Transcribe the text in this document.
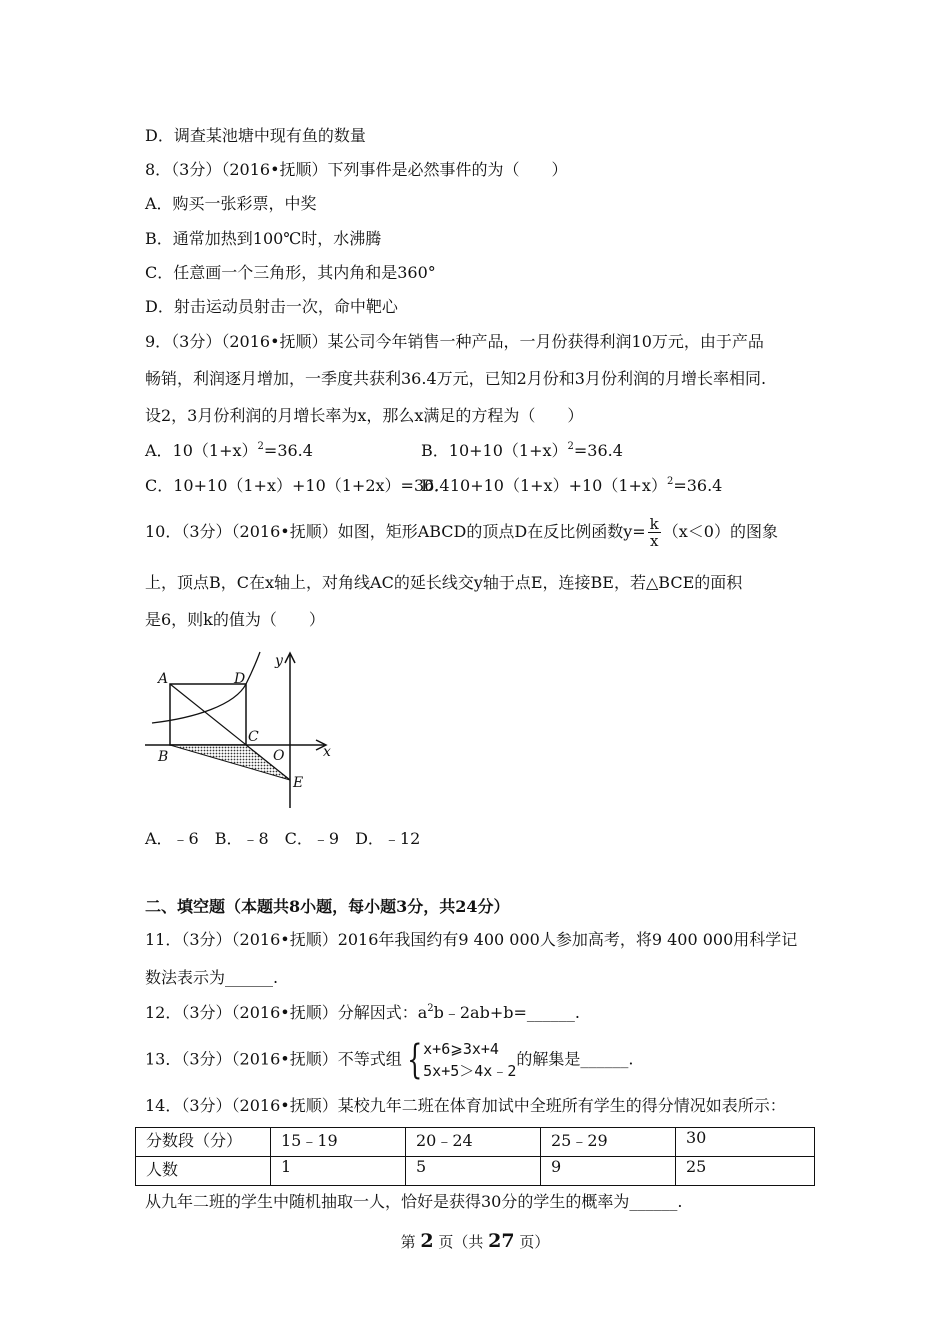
D．调查某池塘中现有鱼的数量
8．（3分）（2016•抚顺）下列事件是必然事件的为（　　）
A．购买一张彩票，中奖
B．通常加热到100℃时，水沸腾
C．任意画一个三角形，其内角和是360°
D．射击运动员射击一次，命中靶心
9．（3分）（2016•抚顺）某公司今年销售一种产品，一月份获得利润10万元，由于产品
畅销，利润逐月增加，一季度共获利36.4万元，已知2月份和3月份利润的月增长率相同.
设2，3月份利润的月增长率为x，那么x满足的方程为（　　）
A．$10(1+x)^2=36.4$	B．$10+10(1+x)^2=36.4$
C．10+10（1+x）+10（1+2x）=36.4
D．$10+10(1+x)+10(1+x)^2=36.4$
10．（3分）（2016•抚顺）如图，矩形ABCD的顶点D在反比例函数$y= \frac{k}{x} (x<0)$的图象
上，顶点B，C在x轴上，对角线AC的延长线交y轴于点E，连接BE，若△BCE的面积
是6，则k的值为（　　）
A	D
C
B	O	x
y
E
A．﹣6　B．﹣8　C．﹣9　D．﹣12
二、填空题（本题共8小题，每小题3分，共24分）
11．（3分）（2016•抚顺）2016年我国约有9 400 000人参加高考，将9 400 000用科学记
数法表示为______.
12．（3分）（2016•抚顺）分解因式：$a^2b﹣2ab+b=\_\_\_\_\_\_$.
13．（3分）（2016•抚顺）不等式组 { x+6⩾3x+4
5x+5＞4x﹣2
的解集是______.
14．（3分）（2016•抚顺）某校九年二班在体育加试中全班所有学生的得分情况如表所示：
分数段（分）	15﹣19	20﹣24	25﹣29	30
人数	1	5	9	25
从九年二班的学生中随机抽取一人，恰好是获得30分的学生的概率为______.
第 2 页（共 27 页）
